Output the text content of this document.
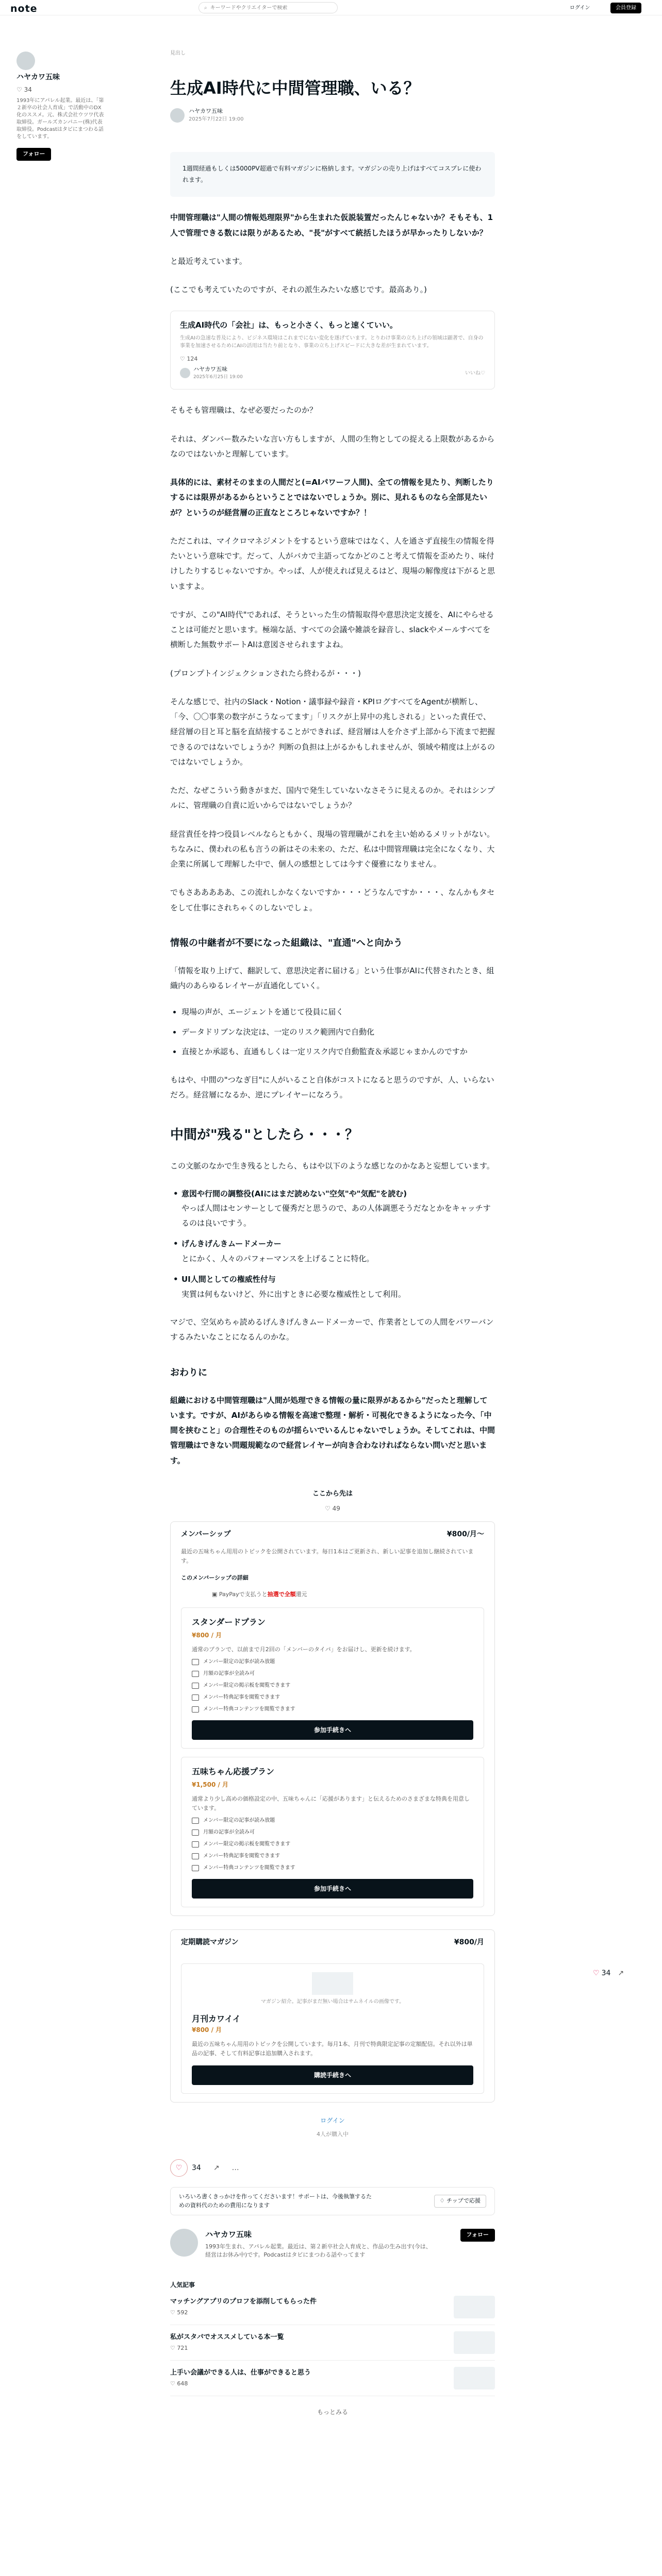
note	⌕
キーワードやクリエイターで検索	ログイン	会員登録
ハヤカワ五味
♡ 34
1993年にアパレル起業。最近は、「第２新卒の社会人育成」で活動中のDX化のススメ。元、株式会社ウツワ代表取締役。ガールズカンパニー(株)代表取締役。Podcastはタビにまつわる話をしています。
フォロー
見出し
生成AI時代に中間管理職、いる？
ハヤカワ五味
2025年7月22日 19:00
1週間経過もしくは5000PV超過で有料マガジンに格納します。マガジンの売り上げはすべてコスプレに使われます。

中間管理職は"人間の情報処理限界"から生まれた仮説装置だったんじゃないか？そもそも、1人で管理できる数には限りがあるため、"長"がすべて統括したほうが早かったりしないか？

と最近考えています。

(ここでも考えていたのですが、それの派生みたいな感じです。最高あり。)

生成AI時代の「会社」は、もっと小さく、もっと速くていい。
生成AIの急速な普及により、ビジネス環境はこれまでにない変化を遂げています。とりわけ事業の立ち上げの領域は顕著で、自身の事業を加速させるためにAIの活用は当たり前となり、事業の立ち上げスピードに大きな差が生まれています。
♡ 124
ハヤカワ五味
2025年6月25日 19:00
いいね♡

そもそも管理職は、なぜ必要だったのか？

それは、ダンバー数みたいな言い方もしますが、人間の生物としての捉える上限数があるからなのではないかと理解しています。

具体的には、素材そのままの人間だと(=AIパワーフ人間)、全ての情報を見たり、判断したりするには限界があるからということではないでしょうか。別に、見れるものなら全部見たいが？というのが経営層の正直なところじゃないですか？！

ただこれは、マイクロマネジメントをするという意味ではなく、人を通さず直接生の情報を得たいという意味です。だって、人がバカで主語ってなかどのこと考えて情報を歪めたり、味付けしたりするじゃないですか。やっぱ、人が使えれば見えるはど、現場の解像度は下がると思いますよ。

ですが、この"AI時代"であれば、そうといった生の情報取得や意思決定支援を、AIにやらせることは可能だと思います。極端な話、すべての会議や雑談を録音し、slackやメールすべてを横断した無数サポートAIは意図させられますよね。

(プロンプトインジェクションされたら終わるが・・・)

そんな感じで、社内のSlack・Notion・議事録や録音・KPIログすべてをAgentが横断し、「今、〇〇事業の数字がこうなってます」「リスクが上昇中の兆しされる」といった責任で、経営層の目と耳と脳を直結接することができれば、経営層は人を介さず上部から下流まで把握できるのではないでしょうか？判断の負担は上がるかもしれませんが、領域や精度は上がるのではないでしょうか。

ただ、なぜこういう動きがまだ、国内で発生していないなさそうに見えるのか。それはシンプルに、管理職の自責に近いからではないでしょうか？

経営責任を持つ役員レベルならともかく、現場の管理職がこれを主い始めるメリットがない。ちなみに、僕われの私も言うの新はその未来の、ただ、私は中間管理職は完全になくなり、大企業に所属して理解した中で、個人の感想としては今すぐ優雅になりません。

でもさあああああ、この流れしかなくないですか・・・どうなんですか・・・、なんかもタセをして仕事にされちゃくのしないでしょ。

情報の中継者が不要になった組織は、"直通"へと向かう

「情報を取り上げて、翻訳して、意思決定者に届ける」という仕事がAIに代替されたとき、組織内のあらゆるレイヤーが直通化していく。

• 現場の声が、エージェントを通じて役員に届く
• データドリブンな決定は、一定のリスク範囲内で自動化
• 直接とか承認も、直通もしくは一定リスク内で自動監査＆承認じゃまかんのですか

もはや、中間の"つなぎ目"に人がいること自体がコストになると思うのですが、人、いらないだろ。経営層になるか、逆にプレイヤーになろう。

中間が"残る"としたら・・・？

この文脈のなかで生き残るとしたら、もはや以下のような感じなのかなあと妄想しています。

• 意図や行間の調整役(AIにはまだ読めない"空気"や"気配"を読む)
やっぱ人間はセンサーとして優秀だと思うので、あの人体調悪そうだなとかをキャッチするのは良いですう。
• げんきげんきムードメーカー
とにかく、人々のパフォーマンスを上げることに特化。
• UI人間としての権威性付与
実質は何もないけど、外に出すときに必要な権威性として利用。

マジで、空気めちゃ読めるげんきげんきムードメーカーで、作業者としての人間をバワーバンするみたいなことになるんのかな。

おわりに

組織における中間管理職は"人間が処理できる情報の量に限界があるから"だったと理解しています。ですが、AIがあらゆる情報を高速で整理・解析・可視化できるようになった今、「中間を挟むこと」の合理性そのものが揺らいでいるんじゃないでしょうか。そしてこれは、中間管理職はできない問題規範なので経営レイヤーが向き合わなければならない問いだと思います。

ここから先は
♡ 49
メンバーシップ	¥800/月〜
最近の五味ちゃん用用のトピックを公開されています。毎日1本はご更新され、新しい記事を追加し継続されています。
このメンバーシップの詳細
▣ PayPayで支払うと抽選で全額還元
スタンダードプラン
¥800 / 月
通常のプランで、以前まで月2回の「メンバーのタイパ」をお届けし、更新を続けます。
メンバー限定の記事が読み放題
月額の記事が全読み可
メンバー限定の掲示板を閲覧できます
メンバー特典記事を閲覧できます
メンバー特典コンテンツを閲覧できます
参加手続きへ
五味ちゃん応援プラン
¥1,500 / 月
通常より少し高めの価格設定の中、五味ちゃんに「応援があります」と伝えるためのさまざまな特典を用意しています。
メンバー限定の記事が読み放題
月額の記事が全読み可
メンバー限定の掲示板を閲覧できます
メンバー特典記事を閲覧できます
メンバー特典コンテンツを閲覧できます
参加手続きへ
定期購読マガジン	¥800/月
マガジン紹介。記事がまだ無い場合はサムネイルの画像です。
月刊カワイイ
¥800 / 月
最近の五味ちゃん用用のトピックを公開しています。毎月1本、月刊で特典限定記事の定額配信。それ以外は単品の記事、そして有料記事は追加購入されます。
購読手続きへ
ログイン
4人が購入中
♡ 34 ↗ …
いろいろ書くきっかけを作ってくださいます！サポートは、今後執筆するための資料代のための費用になります
♢ チップで応援
ハヤカワ五味
1993年生まれ、アパレル起業。最近は、第２新卒社会人育成と、作品の生み出す(今は、経営はお休み中)です。Podcastはタビにまつわる話やってます
フォロー
人気記事
マッチングアプリのプロフを添削してもらった件
♡ 592
私がスタバでオススメしている本一覧
♡ 721
上手い会議ができる人は、仕事ができると思う
♡ 648
もっとみる
♡ 34 ↗
